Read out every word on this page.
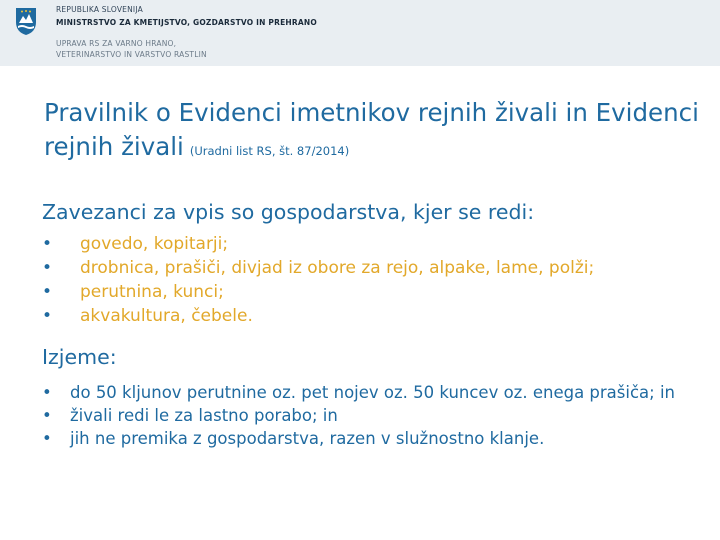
REPUBLIKA SLOVENIJA
MINISTRSTVO ZA KMETIJSTVO, GOZDARSTVO IN PREHRANO
UPRAVA RS ZA VARNO HRANO,
VETERINARSTVO IN VARSTVO RASTLIN
Pravilnik o Evidenci imetnikov rejnih živali in Evidenci rejnih živali (Uradni list RS, št. 87/2014)
Zavezanci za vpis so gospodarstva, kjer se redi:
• govedo, kopitarji;
• drobnica, prašiči, divjad iz obore za rejo, alpake, lame, polži;
• perutnina, kunci;
• akvakultura, čebele.
Izjeme:
• do 50 kljunov perutnine oz. pet nojev oz. 50 kuncev oz. enega prašiča; in
• živali redi le za lastno porabo; in
• jih ne premika z gospodarstva, razen v služnostno klanje.
